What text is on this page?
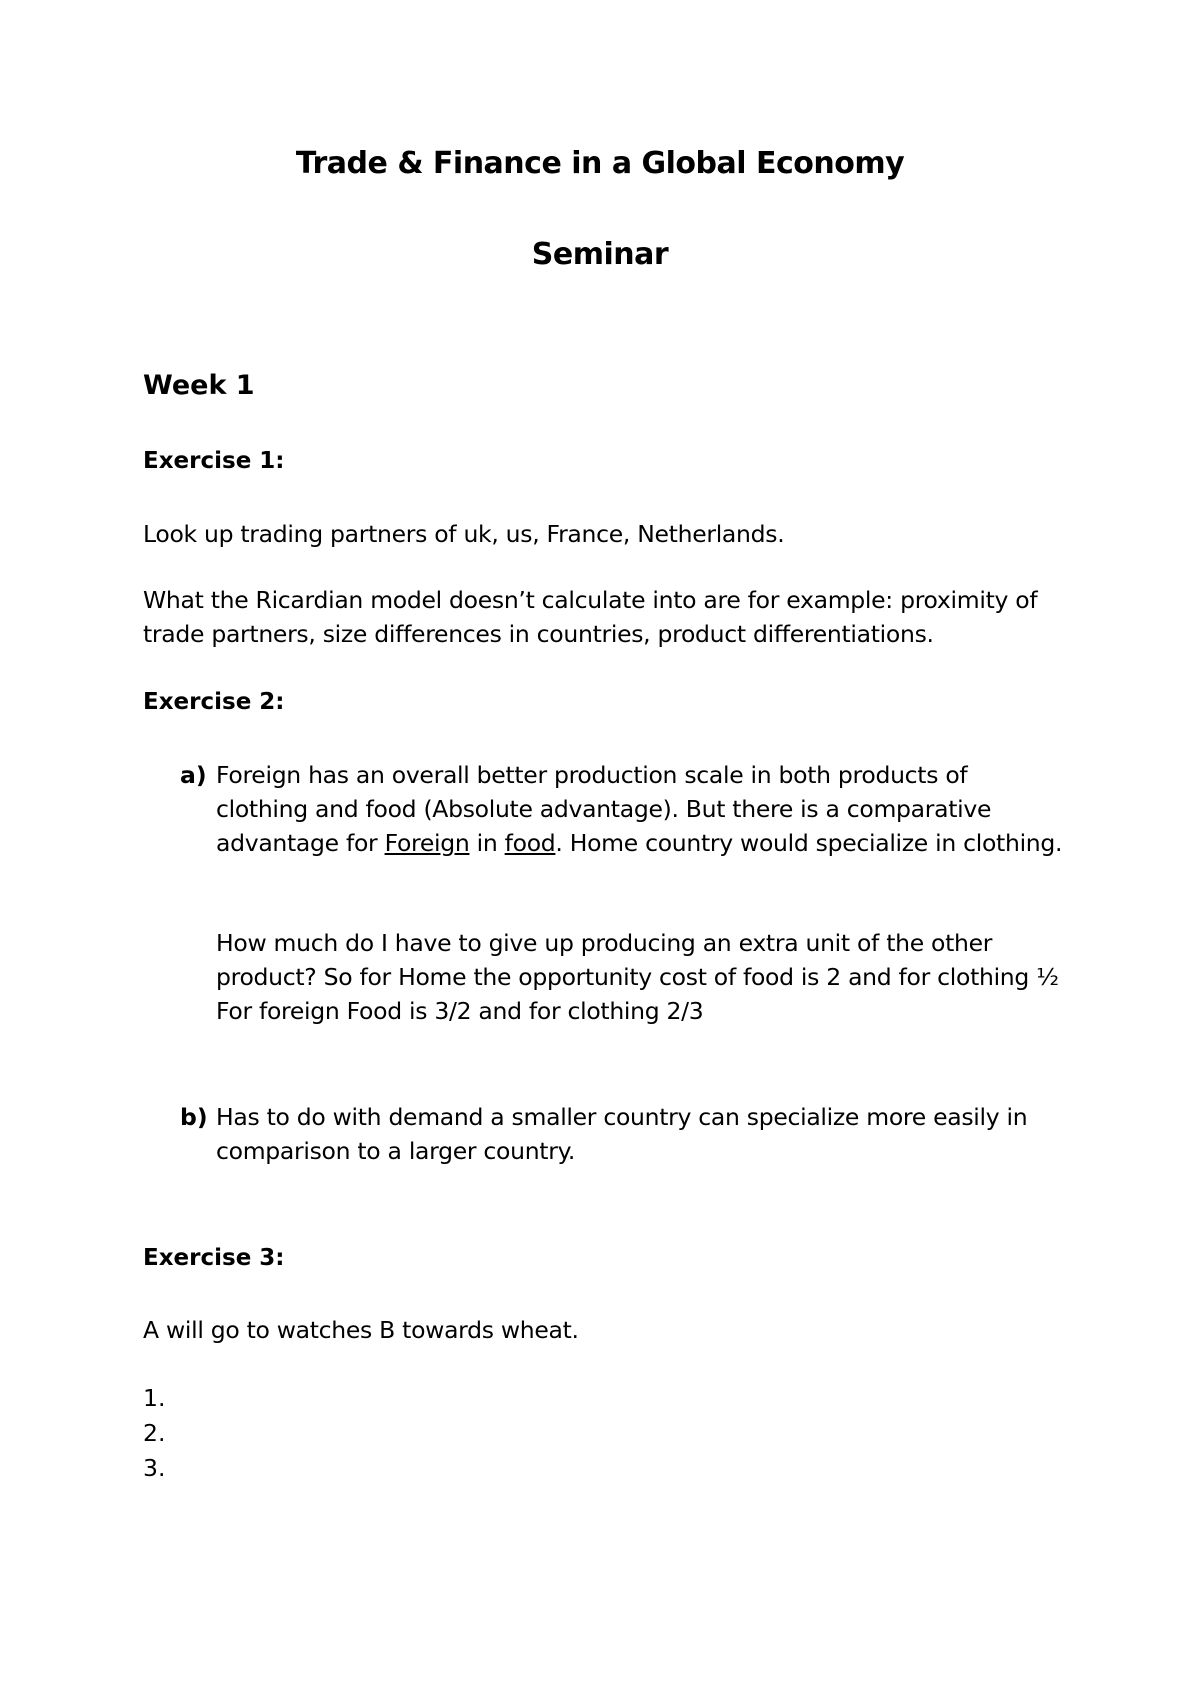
Trade & Finance in a Global Economy
Seminar
Week 1
Exercise 1:

Look up trading partners of uk, us, France, Netherlands.

What the Ricardian model doesn’t calculate into are for example: proximity of trade partners, size differences in countries, product differentiations.

Exercise 2:
a) Foreign has an overall better production scale in both products of clothing and food (Absolute advantage). But there is a comparative advantage for Foreign in food. Home country would specialize in clothing.

How much do I have to give up producing an extra unit of the other product? So for Home the opportunity cost of food is 2 and for clothing ½
For foreign Food is 3/2 and for clothing 2/3

b) Has to do with demand a smaller country can specialize more easily in comparison to a larger country.

Exercise 3:

A will go to watches B towards wheat.

1.
2.
3.
